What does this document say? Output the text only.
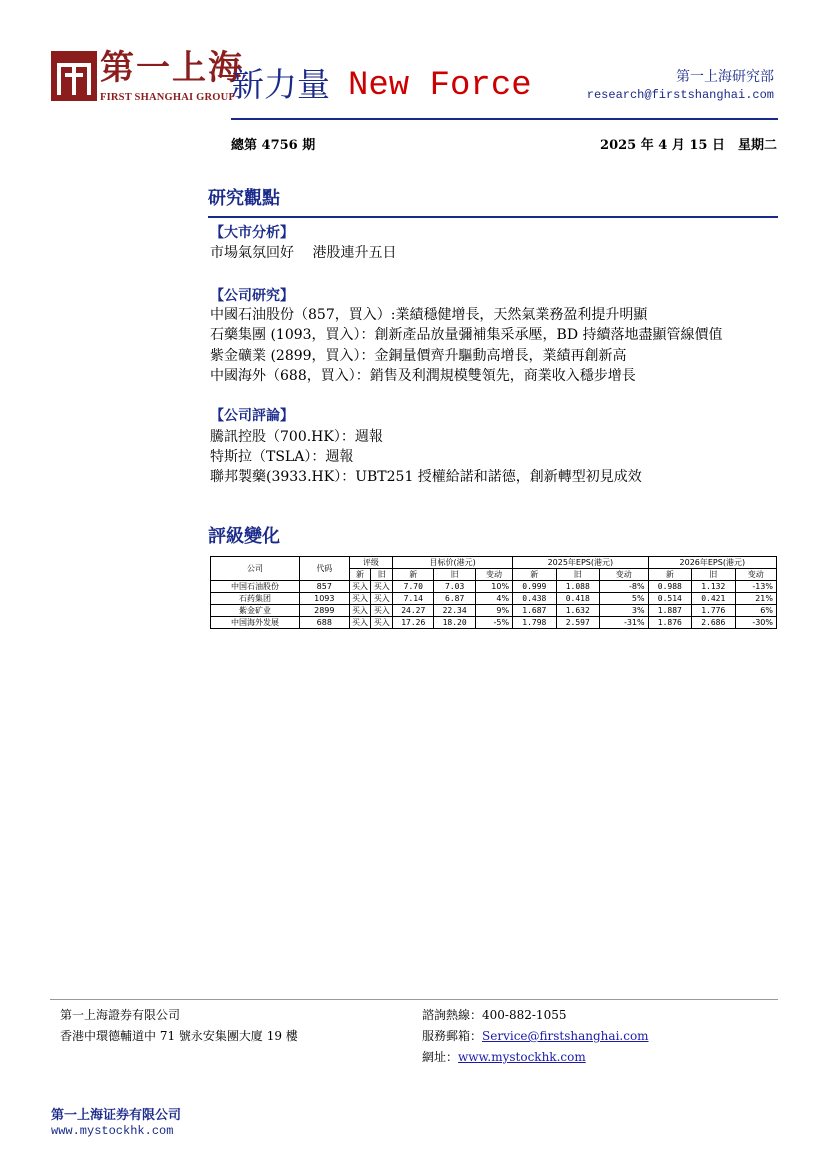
第一上海
FIRST SHANGHAI GROUP
新力量 New Force	第一上海研究部
research@firstshanghai.com
總第 4756 期	2025 年 4 月 15 日　星期二
研究觀點
【大市分析】
市場氣氛回好　 港股連升五日
【公司研究】
中國石油股份（857，買入）:業績穩健增長，天然氣業務盈利提升明顯
石藥集團 (1093，買入）：創新產品放量彌補集采承壓，BD 持續落地盡顯管線價值
紫金礦業 (2899，買入）：金銅量價齊升驅動高增長，業績再創新高
中國海外（688，買入）：銷售及利潤規模雙領先，商業收入穩步增長
【公司評論】
騰訊控股（700.HK）：週報
特斯拉（TSLA）：週報
聯邦製藥(3933.HK）：UBT251 授權給諾和諾德，創新轉型初見成效
評級變化
公司	代码	评级		目标价(港元)			2025年EPS(港元)			2026年EPS(港元)		
		新	旧	新	旧	变动	新	旧	变动	新	旧	变动
中国石油股份	857	买入	买入	7.70	7.03	10%	0.999	1.088	-8%	0.988	1.132	-13%
石药集团	1093	买入	买入	7.14	6.87	4%	0.438	0.418	5%	0.514	0.421	21%
紫金矿业	2899	买入	买入	24.27	22.34	9%	1.687	1.632	3%	1.887	1.776	6%
中国海外发展	688	买入	买入	17.26	18.20	-5%	1.798	2.597	-31%	1.876	2.686	-30%
第一上海證券有限公司
香港中環德輔道中 71 號永安集團大廈 19 樓
諮詢熱線：400-882-1055
服務郵箱：Service@firstshanghai.com
網址：www.mystockhk.com
第一上海证券有限公司
www.mystockhk.com
